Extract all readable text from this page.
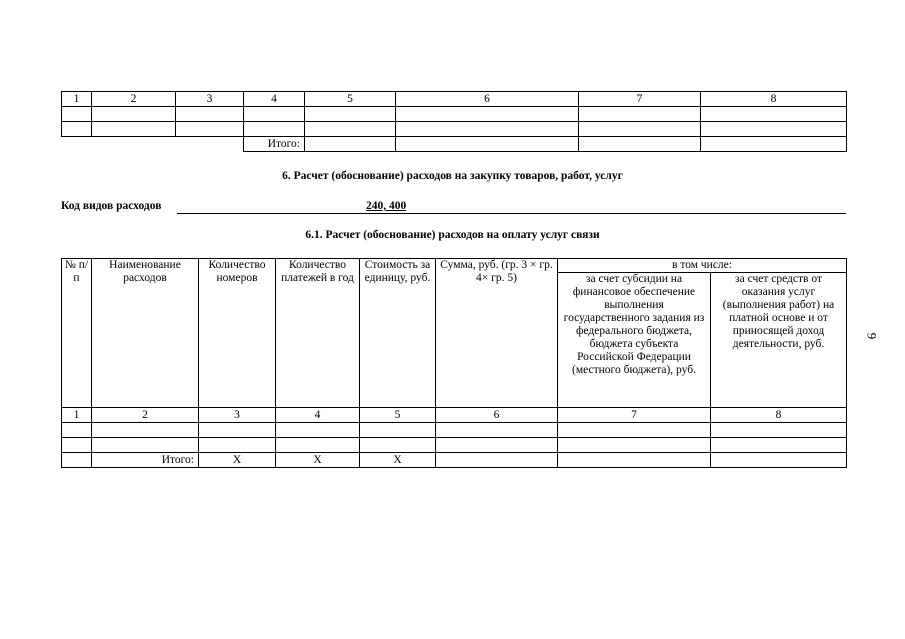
1	2	3	4	5	6	7	8

			Итого:				
6. Расчет (обоснование) расходов на закупку товаров, работ, услуг
Код видов расходов	240, 400
6.1. Расчет (обоснование) расходов на оплату услуг связи
№ п/п	Наименование расходов	Количество номеров	Количество платежей в год	Стоимость за единицу, руб.	Сумма, руб. (гр. 3 × гр. 4× гр. 5)	в том числе:	
						за счет субсидии на финансовое обеспечение выполнения государственного задания из федерального бюджета, бюджета субъекта Российской Федерации (местного бюджета), руб.	за счет средств от оказания услуг (выполнения работ) на платной основе и от приносящей доход деятельности, руб.
1	2	3	4	5	6	7	8

	Итого:	X	X	X			
9
